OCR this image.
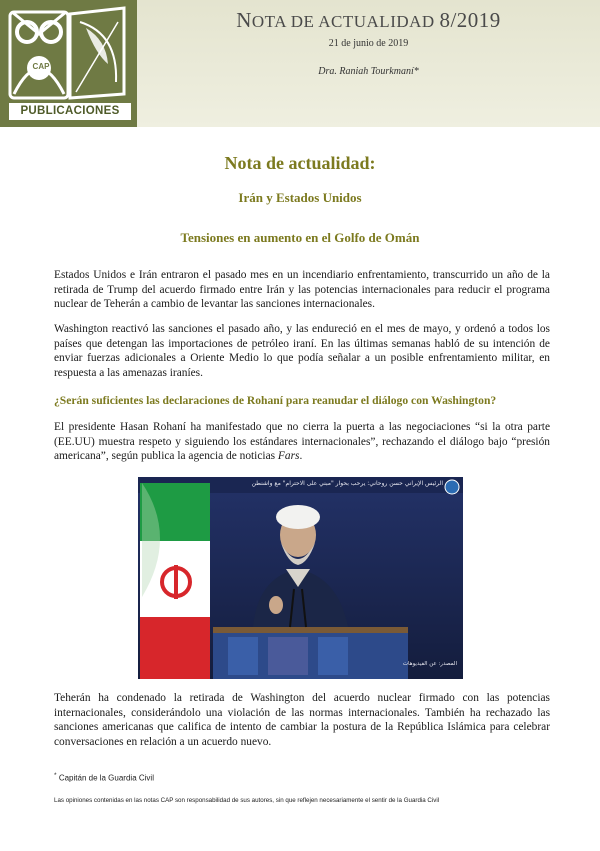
CAP
PUBLICACIONES
NOTA DE ACTUALIDAD 8/2019
21 de junio de 2019
Dra. Raniah Tourkmaní*
Nota de actualidad:
Irán y Estados Unidos
Tensiones en aumento en el Golfo de Omán
Estados Unidos e Irán entraron el pasado mes en un incendiario enfrentamiento, transcurrido un año de la retirada de Trump del acuerdo firmado entre Irán y las potencias internacionales para reducir el programa nuclear de Teherán a cambio de levantar las sanciones internacionales.
Washington reactivó las sanciones el pasado año, y las endureció en el mes de mayo, y ordenó a todos los países que detengan las importaciones de petróleo iraní. En las últimas semanas habló de su intención de enviar fuerzas adicionales a Oriente Medio lo que podía señalar a un posible enfrentamiento militar, en respuesta a las amenazas iraníes.
¿Serán suficientes las declaraciones de Rohaní para reanudar el diálogo con Washington?
El presidente Hasan Rohaní ha manifestado que no cierra la puerta a las negociaciones “si la otra parte (EE.UU) muestra respeto y siguiendo los estándares internacionales”, rechazando el diálogo bajo “presión americana”, según publica la agencia de noticias Fars.
الرئيس الإيراني حسن روحاني: يرحب بحوار "مبني على الاحترام" مع واشنطن
المصدر: عن الفيديوهات
Teherán ha condenado la retirada de Washington del acuerdo nuclear firmado con las potencias internacionales, considerándolo una violación de las normas internacionales. También ha rechazado las sanciones americanas que califica de intento de cambiar la postura de la República Islámica para celebrar conversaciones en relación a un acuerdo nuevo.
* Capitán de la Guardia Civil
Las opiniones contenidas en las notas CAP son responsabilidad de sus autores, sin que reflejen necesariamente el sentir de la Guardia Civil
